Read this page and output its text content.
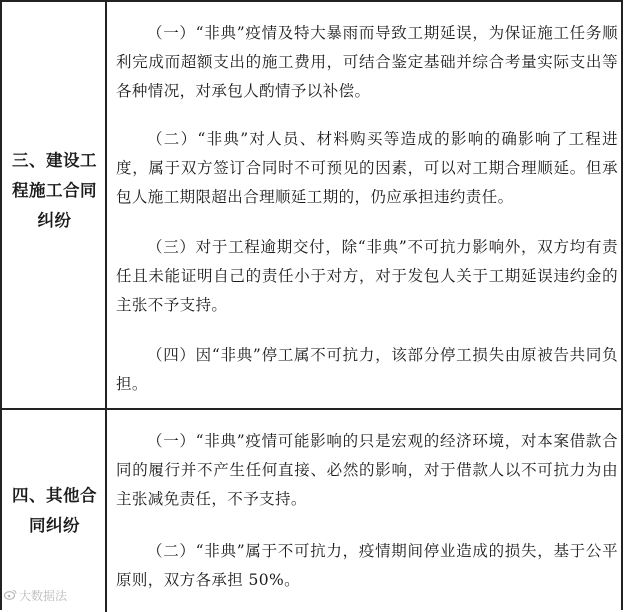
三、建设工程施工合同纠纷

（一）“非典”疫情及特大暴雨而导致工期延误，为保证施工任务顺利完成而超额支出的施工费用，可结合鉴定基础并综合考量实际支出等各种情况，对承包人酌情予以补偿。

（二）“非典”对人员、材料购买等造成的影响的确影响了工程进度，属于双方签订合同时不可预见的因素，可以对工期合理顺延。但承包人施工期限超出合理顺延工期的，仍应承担违约责任。

（三）对于工程逾期交付，除“非典”不可抗力影响外，双方均有责任且未能证明自己的责任小于对方，对于发包人关于工期延误违约金的主张不予支持。

（四）因“非典”停工属不可抗力，该部分停工损失由原被告共同负担。

四、其他合同纠纷

（一）“非典”疫情可能影响的只是宏观的经济环境，对本案借款合同的履行并不产生任何直接、必然的影响，对于借款人以不可抗力为由主张减免责任，不予支持。

（二）“非典”属于不可抗力，疫情期间停业造成的损失，基于公平原则，双方各承担 50%。

大数据法
